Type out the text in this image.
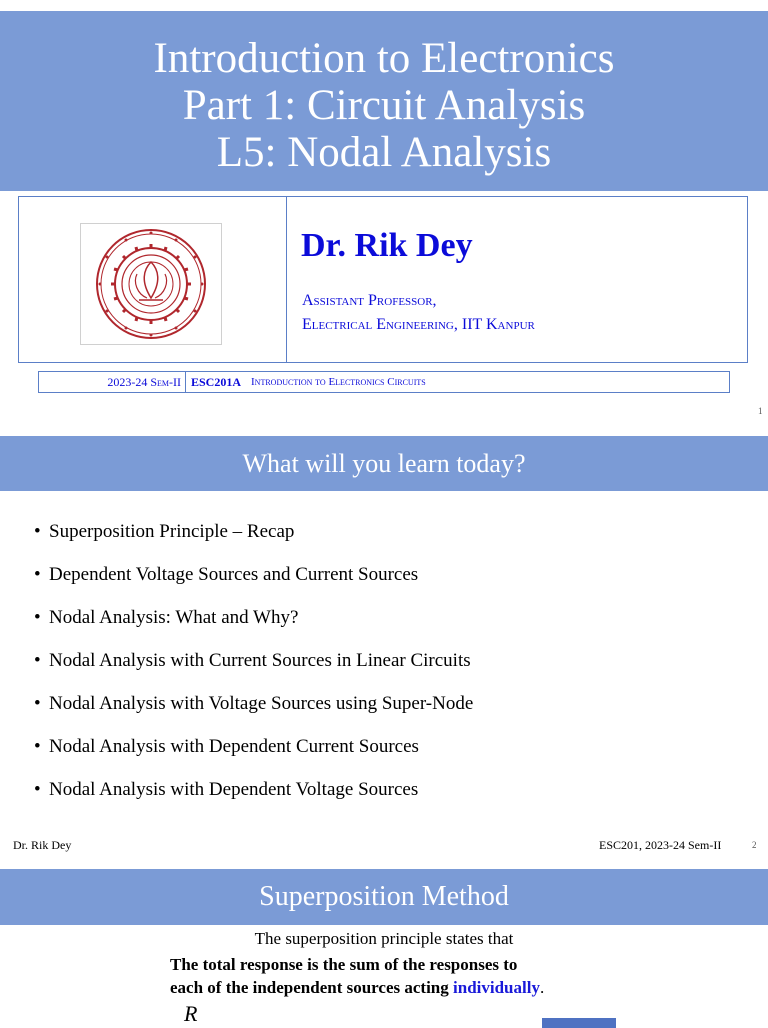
Introduction to Electronics
Part 1: Circuit Analysis
L5: Nodal Analysis
Dr. Rik Dey
Assistant Professor,
Electrical Engineering, IIT Kanpur
2023-24 Sem-II ESC201A Introduction to Electronics Circuits
1
What will you learn today?
• Superposition Principle – Recap
• Dependent Voltage Sources and Current Sources
• Nodal Analysis: What and Why?
• Nodal Analysis with Current Sources in Linear Circuits
• Nodal Analysis with Voltage Sources using Super-Node
• Nodal Analysis with Dependent Current Sources
• Nodal Analysis with Dependent Voltage Sources
Dr. Rik Dey	ESC201, 2023-24 Sem-II	2
Superposition Method
The superposition principle states that
The total response is the sum of the responses to
each of the independent sources acting individually.
R
